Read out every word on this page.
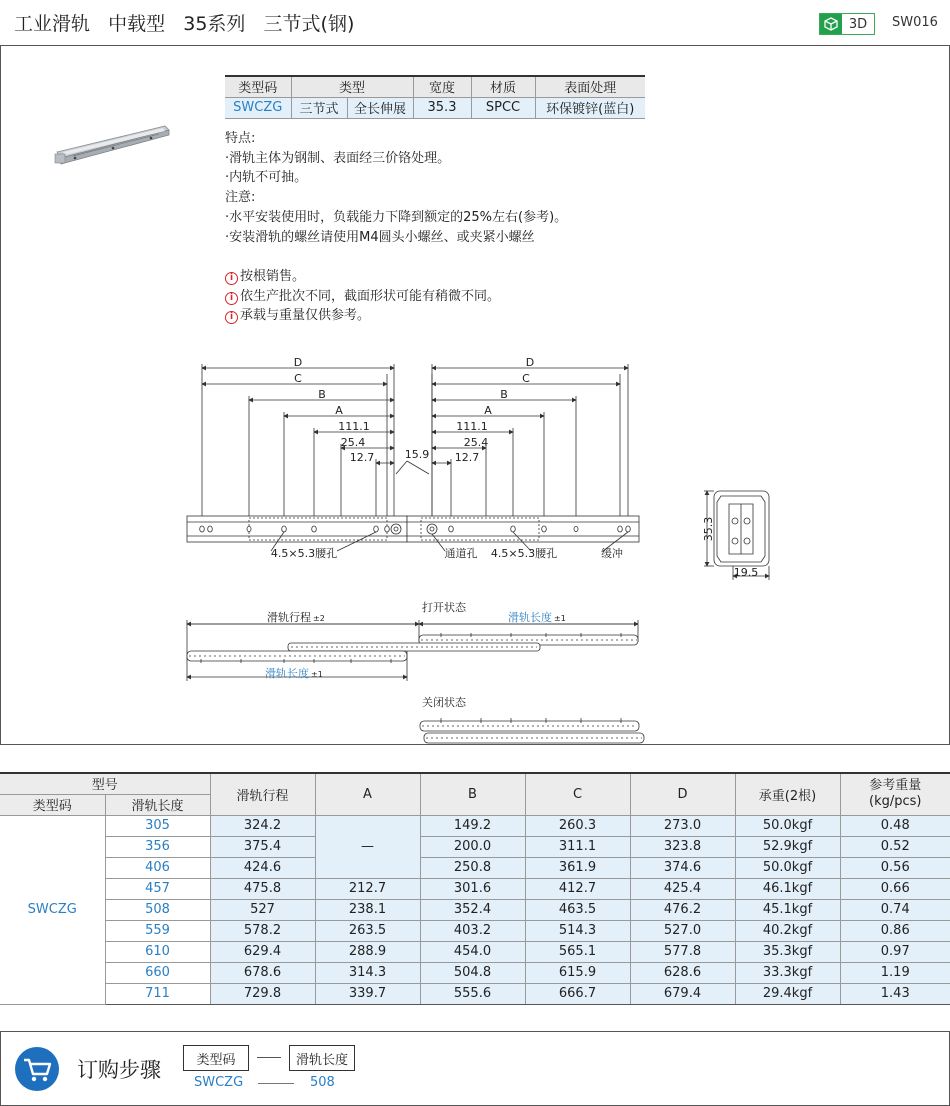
工业滑轨   中载型   35系列   三节式(钢)	3D	SW016
类型码	类型		宽度	材质	表面处理
SWCZG	三节式	全长伸展	35.3	SPCC	环保镀锌(蓝白)
特点:
·滑轨主体为钢制、表面经三价铬处理。
·内轨不可抽。
注意:
·水平安装使用时，负载能力下降到额定的25%左右(参考)。
·安装滑轨的螺丝请使用M4圆头小螺丝、或夹紧小螺丝
i 按根销售。
i 依生产批次不同，截面形状可能有稍微不同。
i 承载与重量仅供参考。
D
C
B
A
111.1
25.4
12.7	15.9
D
C
B
A
111.1
25.4
12.7
4.5×5.3腰孔	通道孔 4.5×5.3腰孔	缓冲
35.3
19.5
打开状态
滑轨行程 ±2	滑轨长度 ±1
滑轨长度 ±1
关闭状态
型号		滑轨行程	A	B	C	D	承重(2根)	参考重量
(kg/pcs)
类型码	滑轨长度							
SWCZG	305	324.2	—	149.2	260.3	273.0	50.0kgf	0.48
	356	375.4		200.0	311.1	323.8	52.9kgf	0.52
	406	424.6		250.8	361.9	374.6	50.0kgf	0.56
	457	475.8	212.7	301.6	412.7	425.4	46.1kgf	0.66
	508	527	238.1	352.4	463.5	476.2	45.1kgf	0.74
	559	578.2	263.5	403.2	514.3	527.0	40.2kgf	0.86
	610	629.4	288.9	454.0	565.1	577.8	35.3kgf	0.97
	660	678.6	314.3	504.8	615.9	628.6	33.3kgf	1.19
	711	729.8	339.7	555.6	666.7	679.4	29.4kgf	1.43
订购步骤	类型码	滑轨长度
SWCZG	508
